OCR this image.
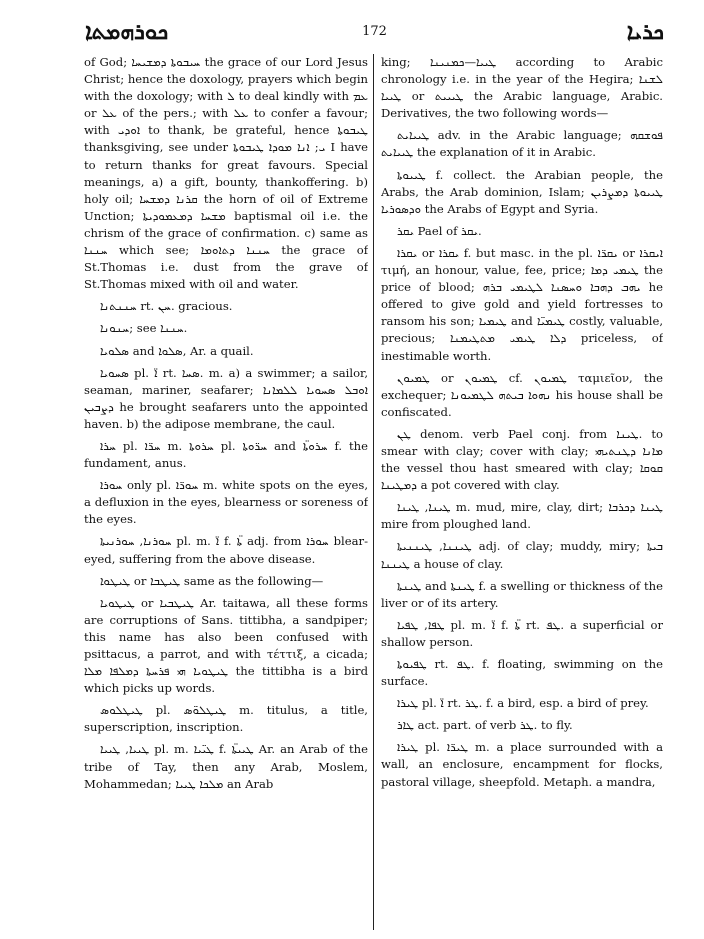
ܟܘܪܗܡܬܐ	172	ܟܪܝܐ

of God; ܚܝܒܘܬܐ ܕܡܫܝܚܐ the grace of our Lord Jesus Christ; hence the doxology, prayers which begin with the doxology; with ܠ to deal kindly with ܥܡ or ܥܠ of the pers.; with ܥܠ to confer a favour; with ܐܘܕܝ to thank, be grateful, hence ܛܝܒܘܬܐ thanksgiving, see under ܝ; ܐܢܐ ܡܘܕܐ ܛܝܒܘܬܐ I have to return thanks for great favours. Special meanings, a) a gift, bounty, thankoffering. b) holy oil; ܩܪܢܐ ܕܡܫܚܐ the horn of oil of Extreme Unction; ܡܫܚܐ ܕܡܥܡܘܕܝܬܐ baptismal oil i.e. the chrism of the grace of confirmation. c) same as ܚܢܢܐ which see; ܚܢܢܐ ܕܬܐܘܡܐ the grace of St.Thomas i.e. dust from the grave of St.Thomas mixed with oil and water.

ܚܢܢܬܢܐ rt. ܚܢ. gracious.

ܚܢܘܢܐ; see ܚܢܢܐ.

ܣܠܘܝܐ and ܣܠܘܐ, Ar. a quail.

ܣܚܘܝܐ pl. ܐ̈ rt. ܣܚܐ. m. a) a swimmer; a sailor, seaman, mariner, seafarer; ܐܘܒܠ ܣܚܘܝܐ ܠܠܡܐܢܐ ܕܨܒܝܢ he brought seafarers unto the appointed haven. b) the adipose membrane, the caul.

ܚܪܐ pl. ܚܪ̈ܐ m. ܚܪܘܬܐ pl. ܚܪ̈ܘܬܐ and ܚܪܘܬ̈ܐ f. the fundament, anus.

ܚܘܪܐ only pl. ܚܘܪ̈ܐ m. white spots on the eyes, a defluxion in the eyes, blearness or soreness of the eyes.

ܚܘܪܢܐ, ܚܘܪܢܝܬܐ pl. m. ܐ̈ f. ܬ̈ܐ adj. from ܚܘܪܐ blear-eyed, suffering from the above disease.

ܛܝܛܘܐ or ܛܝܛܒܐ same as the following—

ܛܝܛܘܝܐ or ܛܝܛܒܝܐ Ar. taitawa, all these forms are corruptions of Sans. tittibha, a sandpiper; this name has also been confused with psittacus, a parrot, and with τέττιξ, a cicada; ܛܝܛܘܝܐ ܗܝ ܦܪܚܬܐ ܕܡܠܦܐ ܡܠܐ the tittibha is a bird which picks up words.

ܛܝܛܠܘܣ pl. ܛܝܛܠܘ̈ܣ m. titulus, a title, superscription, inscription.

ܛܝܝܐ, ܛܝܝܐ pl. m. ܛܝ̈ܝܐ f. ܛܝܝܬ̈ܐ Ar. an Arab of the tribe of Tay, then any Arab, Moslem, Mohammedan; ܡܠܟܐ ܛܝܝܐ an Arab

king; ܛܝܝܐ—ܟܡܢܝܢܐ according to Arabic chronology i.e. in the year of the Hegira; ܠܫܢܐ ܛܝܝܐ or ܛܝܝܝܬ the Arabic language, Arabic. Derivatives, the two following words—

ܛܝܝܐܝܬ adv. in the Arabic language; ܦܘܫܩܗ ܛܝܝܐܝܬ the explanation of it in Arabic.

ܛܝܝܘܬܐ f. collect. the Arabian people, the Arabs, the Arab dominion, Islam; ܛܝܝܘܬܐ ܕܡܨܪܝܢ ܘܕܣܘܪܝܐ the Arabs of Egypt and Syria.

ܝܩܪ Pael of ܝܩܪ.

ܝܩܪܐ or ܝܩܪܐ f. but masc. in the pl. ܝܩܪ̈ܐ or ܐܝܩܪܐ τιμή, an honour, value, fee, price; ܛܝܡܝ ܕܡܐ the price of blood; ܝܗܒ ܕܗܒܐ ܘܚܣܢܐ ܠܛܝܡܝ ܒܪܗ he offered to give gold and yield fortresses to ransom his son; ܛܝܡܝܐ and ܛܝܡܝ̈ܐ costly, valuable, precious; ܕܠܐ ܛܝܡܝ ܡܬܛܝܡܢܐ priceless, of inestimable worth.

ܛܡܝܘܢ or ܛܡܝܘܢ cf. ܛܡܝܘܢ ταμιεῖον, the exchequer; ܢܗܘܐ ܒܝܬܗ ܠܛܡܝܘܢܐ his house shall be confiscated.

ܛܢ denom. verb Pael conj. from ܛܝܢܐ. to smear with clay; cover with clay; ܡܐܢܐ ܕܛܢܬܝܗܝ the vessel thou hast smeared with clay; ܩܘܩܐ ܕܡܛܝܢܐ a pot covered with clay.

ܛܝܢܐ, ܛܝܢܐ m. mud, mire, clay, dirt; ܛܝܢܐ ܕܟܪܒܐ mire from ploughed land.

ܛܝܢܢܐ, ܛܝܢܢܝܬܐ adj. of clay; muddy, miry; ܒܝܬܐ ܛܝܢܢܐ a house of clay.

ܛܝܢܬܐ and ܛܝܢܬܐ f. a swelling or thickness of the liver or of its artery.

ܛܦܐ, ܛܦܝܐ pl. m. ܐ̈ f. ܬ̈ܐ rt. ܛܦ. a superficial or shallow person.

ܛܦܝܘܬܐ rt. ܛܦ. f. floating, swimming on the surface.

ܛܝܪܐ pl. ܐ̈ rt. ܛܪ. f. a bird, esp. a bird of prey.

ܛܐܪ act. part. of verb ܛܪ. to fly.

ܛܝܪܐ pl. ܛܝܪ̈ܐ m. a place surrounded with a wall, an enclosure, encampment for flocks, pastoral village, sheepfold. Metaph. a mandra,
